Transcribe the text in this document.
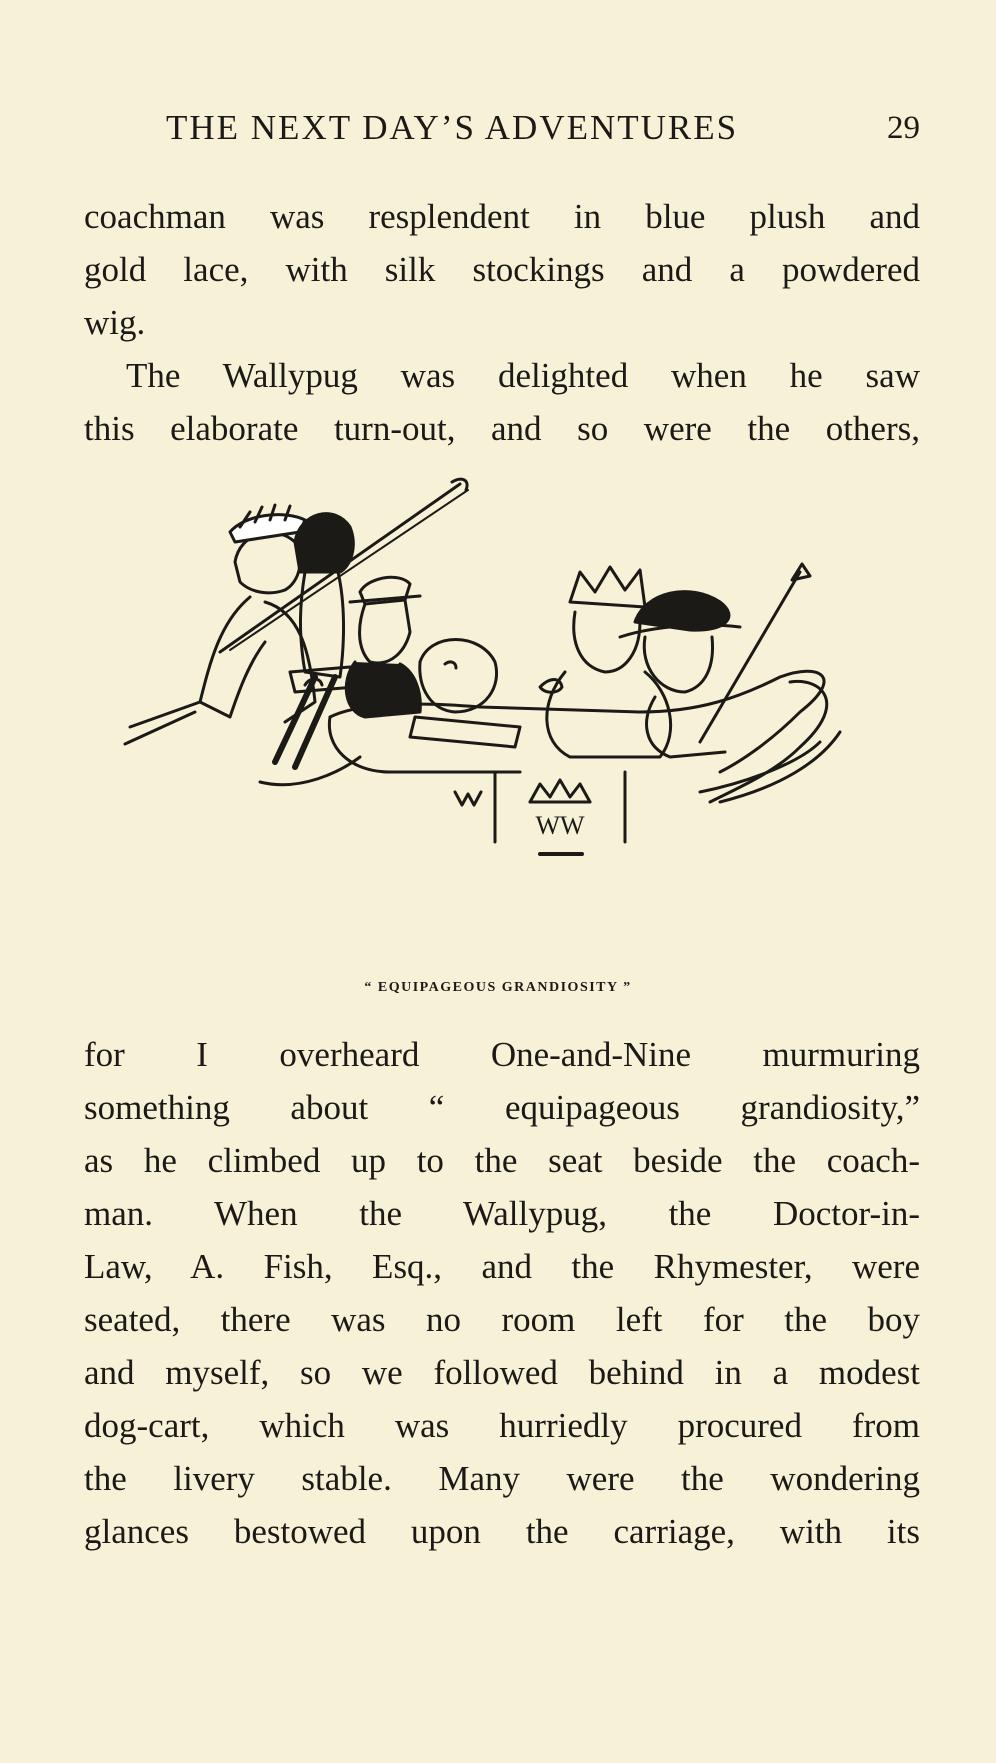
THE NEXT DAY’S ADVENTURES	29
coachman was resplendent in blue plush and
gold lace, with silk stockings and a powdered
wig.
The Wallypug was delighted when he saw
this elaborate turn-out, and so were the others,
WW
“ EQUIPAGEOUS GRANDIOSITY ”
for I overheard One-and-Nine murmuring
something about “ equipageous grandiosity,”
as he climbed up to the seat beside the coach-
man. When the Wallypug, the Doctor-in-
Law, A. Fish, Esq., and the Rhymester, were
seated, there was no room left for the boy
and myself, so we followed behind in a modest
dog-cart, which was hurriedly procured from
the livery stable. Many were the wondering
glances bestowed upon the carriage, with its
